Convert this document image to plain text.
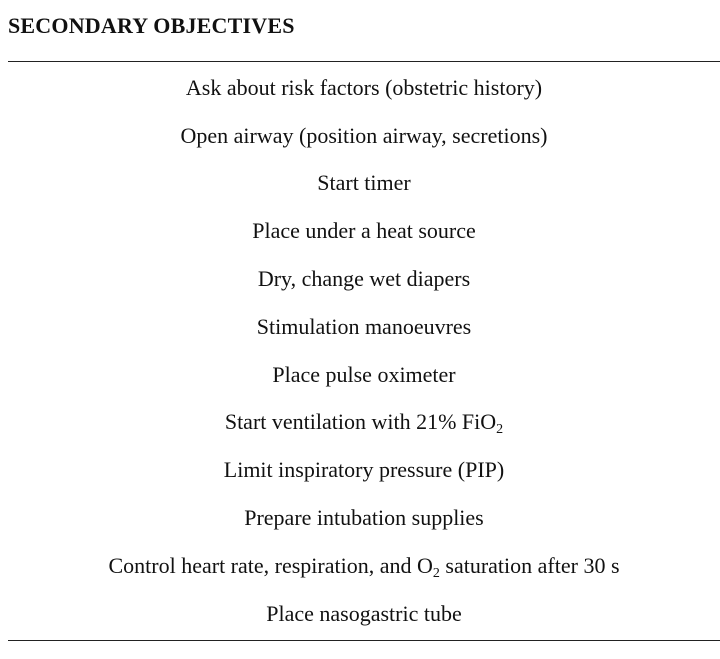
SECONDARY OBJECTIVES
Ask about risk factors (obstetric history)
Open airway (position airway, secretions)
Start timer
Place under a heat source
Dry, change wet diapers
Stimulation manoeuvres
Place pulse oximeter
Start ventilation with 21% FiO$_2$
Limit inspiratory pressure (PIP)
Prepare intubation supplies
Control heart rate, respiration, and $O_2$ saturation after 30 s
Place nasogastric tube
